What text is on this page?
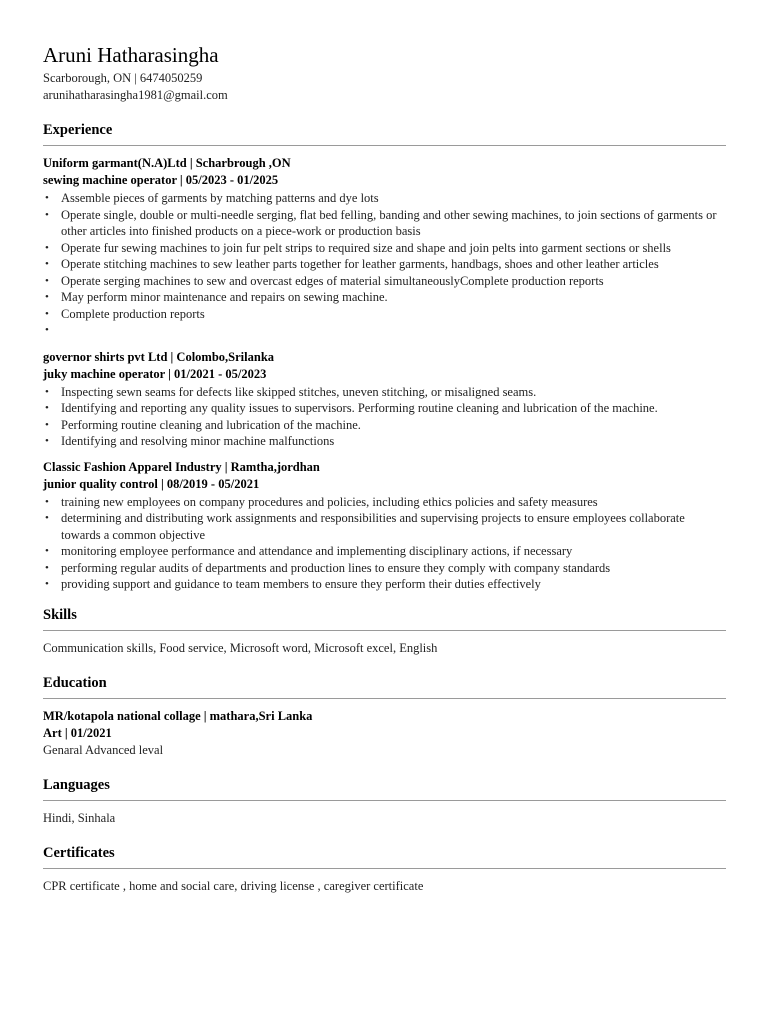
Aruni Hatharasingha
Scarborough, ON | 6474050259
arunihatharasingha1981@gmail.com
Experience
Uniform garmant(N.A)Ltd | Scharbrough ,ON
sewing machine operator | 05/2023 - 01/2025
• Assemble pieces of garments by matching patterns and dye lots
• Operate single, double or multi-needle serging, flat bed felling, banding and other sewing machines, to join sections of garments or other articles into finished products on a piece-work or production basis
• Operate fur sewing machines to join fur pelt strips to required size and shape and join pelts into garment sections or shells
• Operate stitching machines to sew leather parts together for leather garments, handbags, shoes and other leather articles
• Operate serging machines to sew and overcast edges of material simultaneouslyComplete production reports
• May perform minor maintenance and repairs on sewing machine.
• Complete production reports
•
governor shirts pvt Ltd | Colombo,Srilanka
juky machine operator | 01/2021 - 05/2023
• Inspecting sewn seams for defects like skipped stitches, uneven stitching, or misaligned seams.
• Identifying and reporting any quality issues to supervisors. Performing routine cleaning and lubrication of the machine.
• Performing routine cleaning and lubrication of the machine.
• Identifying and resolving minor machine malfunctions
Classic Fashion Apparel Industry | Ramtha,jordhan
junior quality control | 08/2019 - 05/2021
• training new employees on company procedures and policies, including ethics policies and safety measures
• determining and distributing work assignments and responsibilities and supervising projects to ensure employees collaborate towards a common objective
• monitoring employee performance and attendance and implementing disciplinary actions, if necessary
• performing regular audits of departments and production lines to ensure they comply with company standards
• providing support and guidance to team members to ensure they perform their duties effectively
Skills
Communication skills, Food service, Microsoft word, Microsoft excel, English
Education
MR/kotapola national collage | mathara,Sri Lanka
Art | 01/2021
Genaral Advanced leval
Languages
Hindi, Sinhala
Certificates
CPR certificate , home and social care, driving license , caregiver certificate
